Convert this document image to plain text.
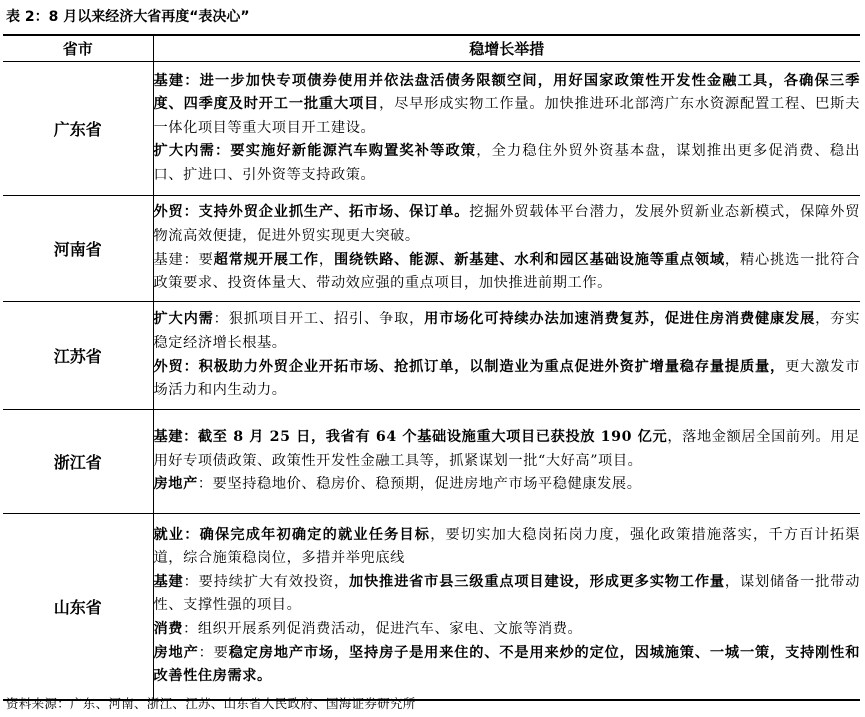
表 2：8 月以来经济大省再度“表决心”
省市	稳增长举措
广东省	基建：进一步加快专项债券使用并依法盘活债务限额空间，用好国家政策性开发性金融工具，各确保三季度、四季度及时开工一批重大项目，尽早形成实物工作量。加快推进环北部湾广东水资源配置工程、巴斯夫一体化项目等重大项目开工建设。
扩大内需：要实施好新能源汽车购置奖补等政策，全力稳住外贸外资基本盘，谋划推出更多促消费、稳出口、扩进口、引外资等支持政策。

河南省	外贸：支持外贸企业抓生产、拓市场、保订单。挖掘外贸载体平台潜力，发展外贸新业态新模式，保障外贸物流高效便捷，促进外贸实现更大突破。
基建：要超常规开展工作，围绕铁路、能源、新基建、水利和园区基础设施等重点领域，精心挑选一批符合政策要求、投资体量大、带动效应强的重点项目，加快推进前期工作。

江苏省	扩大内需：狠抓项目开工、招引、争取，用市场化可持续办法加速消费复苏，促进住房消费健康发展，夯实稳定经济增长根基。
外贸：积极助力外贸企业开拓市场、抢抓订单，以制造业为重点促进外资扩增量稳存量提质量，更大激发市场活力和内生动力。

浙江省	基建：截至 8 月 25 日，我省有 64 个基础设施重大项目已获投放 190 亿元，落地金额居全国前列。用足用好专项债政策、政策性开发性金融工具等，抓紧谋划一批“大好高”项目。
房地产：要坚持稳地价、稳房价、稳预期，促进房地产市场平稳健康发展。

山东省	就业：确保完成年初确定的就业任务目标，要切实加大稳岗拓岗力度，强化政策措施落实，千方百计拓渠道，综合施策稳岗位，多措并举兜底线
基建：要持续扩大有效投资，加快推进省市县三级重点项目建设，形成更多实物工作量，谋划储备一批带动性、支撑性强的项目。
消费：组织开展系列促消费活动，促进汽车、家电、文旅等消费。
房地产：要稳定房地产市场，坚持房子是用来住的、不是用来炒的定位，因城施策、一城一策，支持刚性和改善性住房需求。
资料来源：广东、河南、浙江、江苏、山东省人民政府、国海证券研究所
